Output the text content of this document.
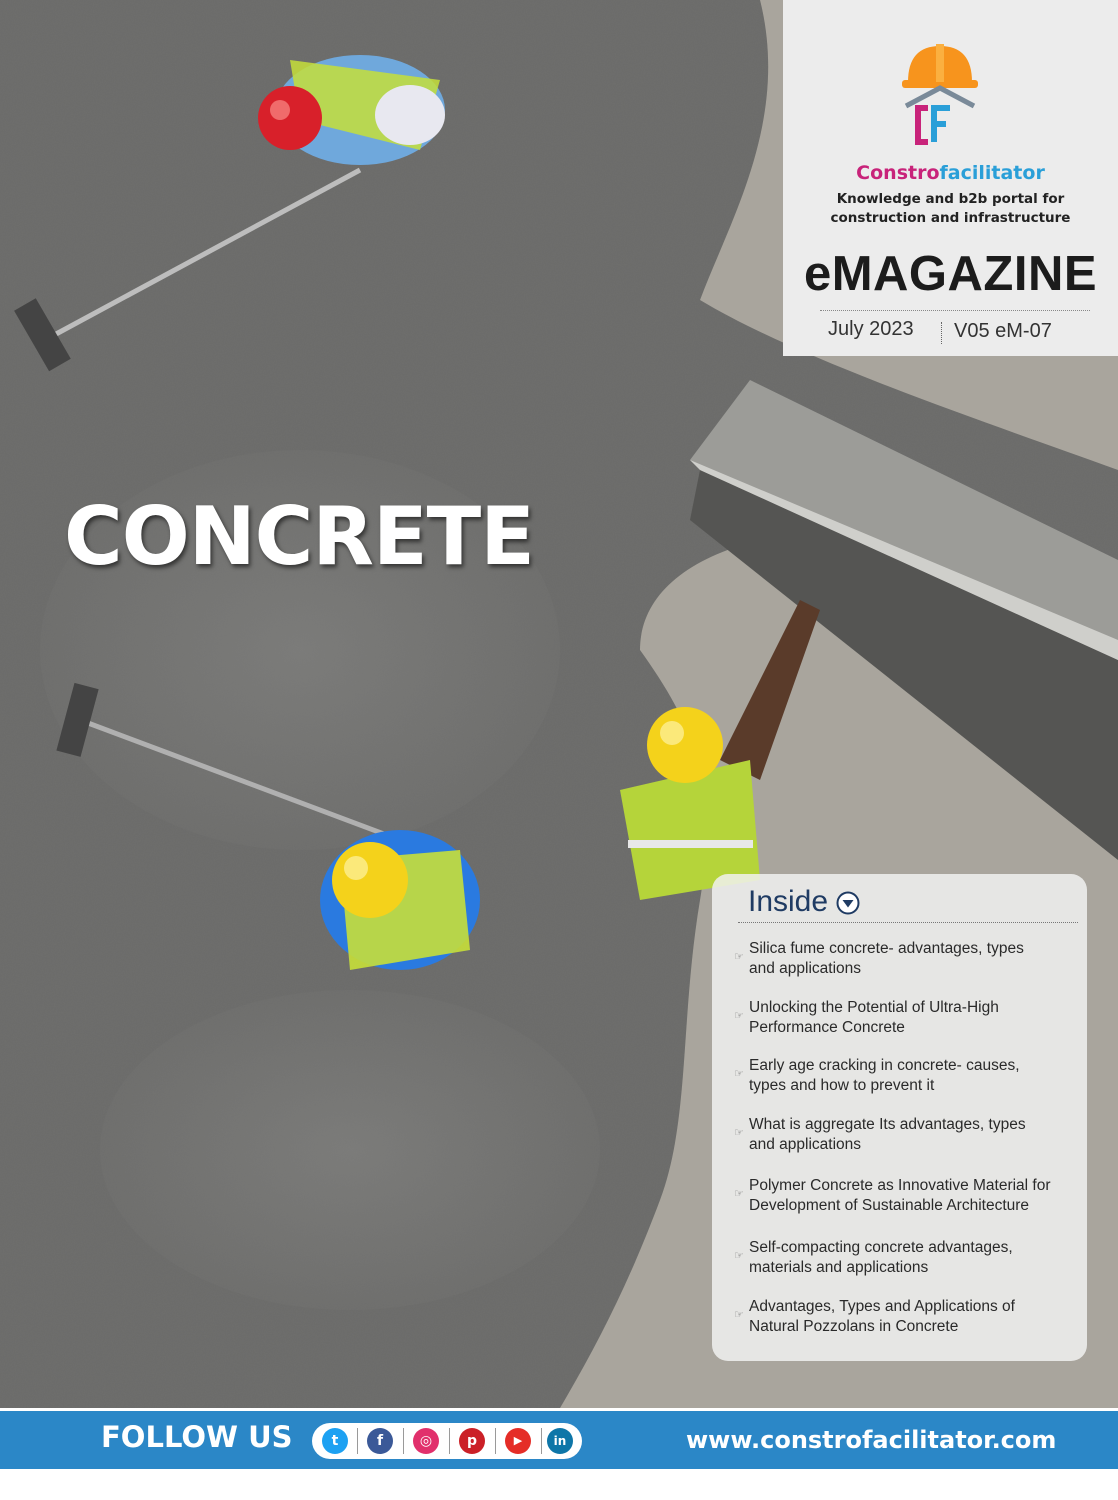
Constrofacilitator
Knowledge and b2b portal for
construction and infrastructure
eMAGAZINE
July 2023 V05 eM-07
CONCRETE
Inside
☞ Silica fume concrete- advantages, types
and applications
☞ Unlocking the Potential of Ultra-High
Performance Concrete
☞ Early age cracking in concrete- causes,
types and how to prevent it
☞ What is aggregate Its advantages, types
and applications
☞ Polymer Concrete as Innovative Material for
Development of Sustainable Architecture
☞ Self-compacting concrete advantages,
materials and applications
☞ Advantages, Types and Applications of
Natural Pozzolans in Concrete
FOLLOW US	t	f	◎	p	▶	in	www.constrofacilitator.com
